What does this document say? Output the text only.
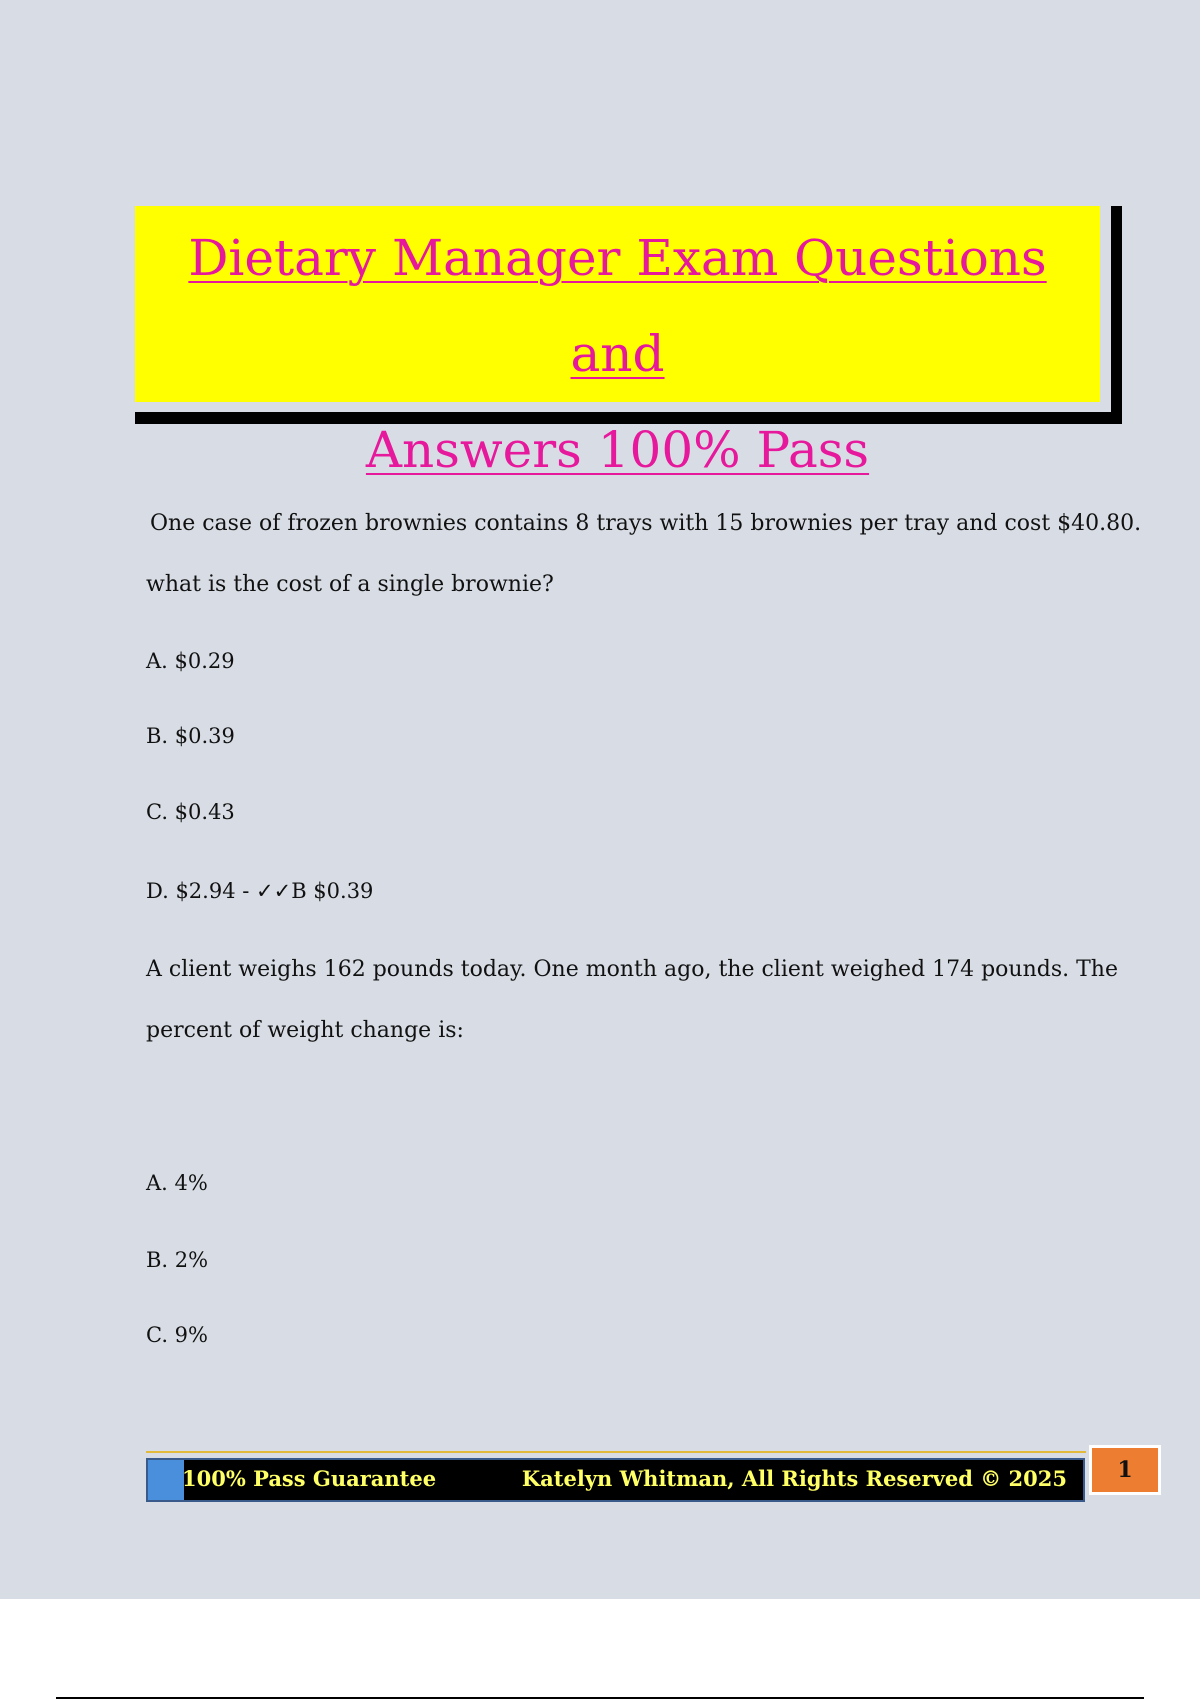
Dietary Manager Exam Questions and
Answers 100% Pass
One case of frozen brownies contains 8 trays with 15 brownies per tray and cost $40.80.
what is the cost of a single brownie?
A. $0.29
B. $0.39
C. $0.43
D. $2.94 - ✓✓B $0.39
A client weighs 162 pounds today. One month ago, the client weighed 174 pounds. The
percent of weight change is:
A. 4%
B. 2%
C. 9%
100% Pass Guarantee	Katelyn Whitman, All Rights Reserved © 2025	1
